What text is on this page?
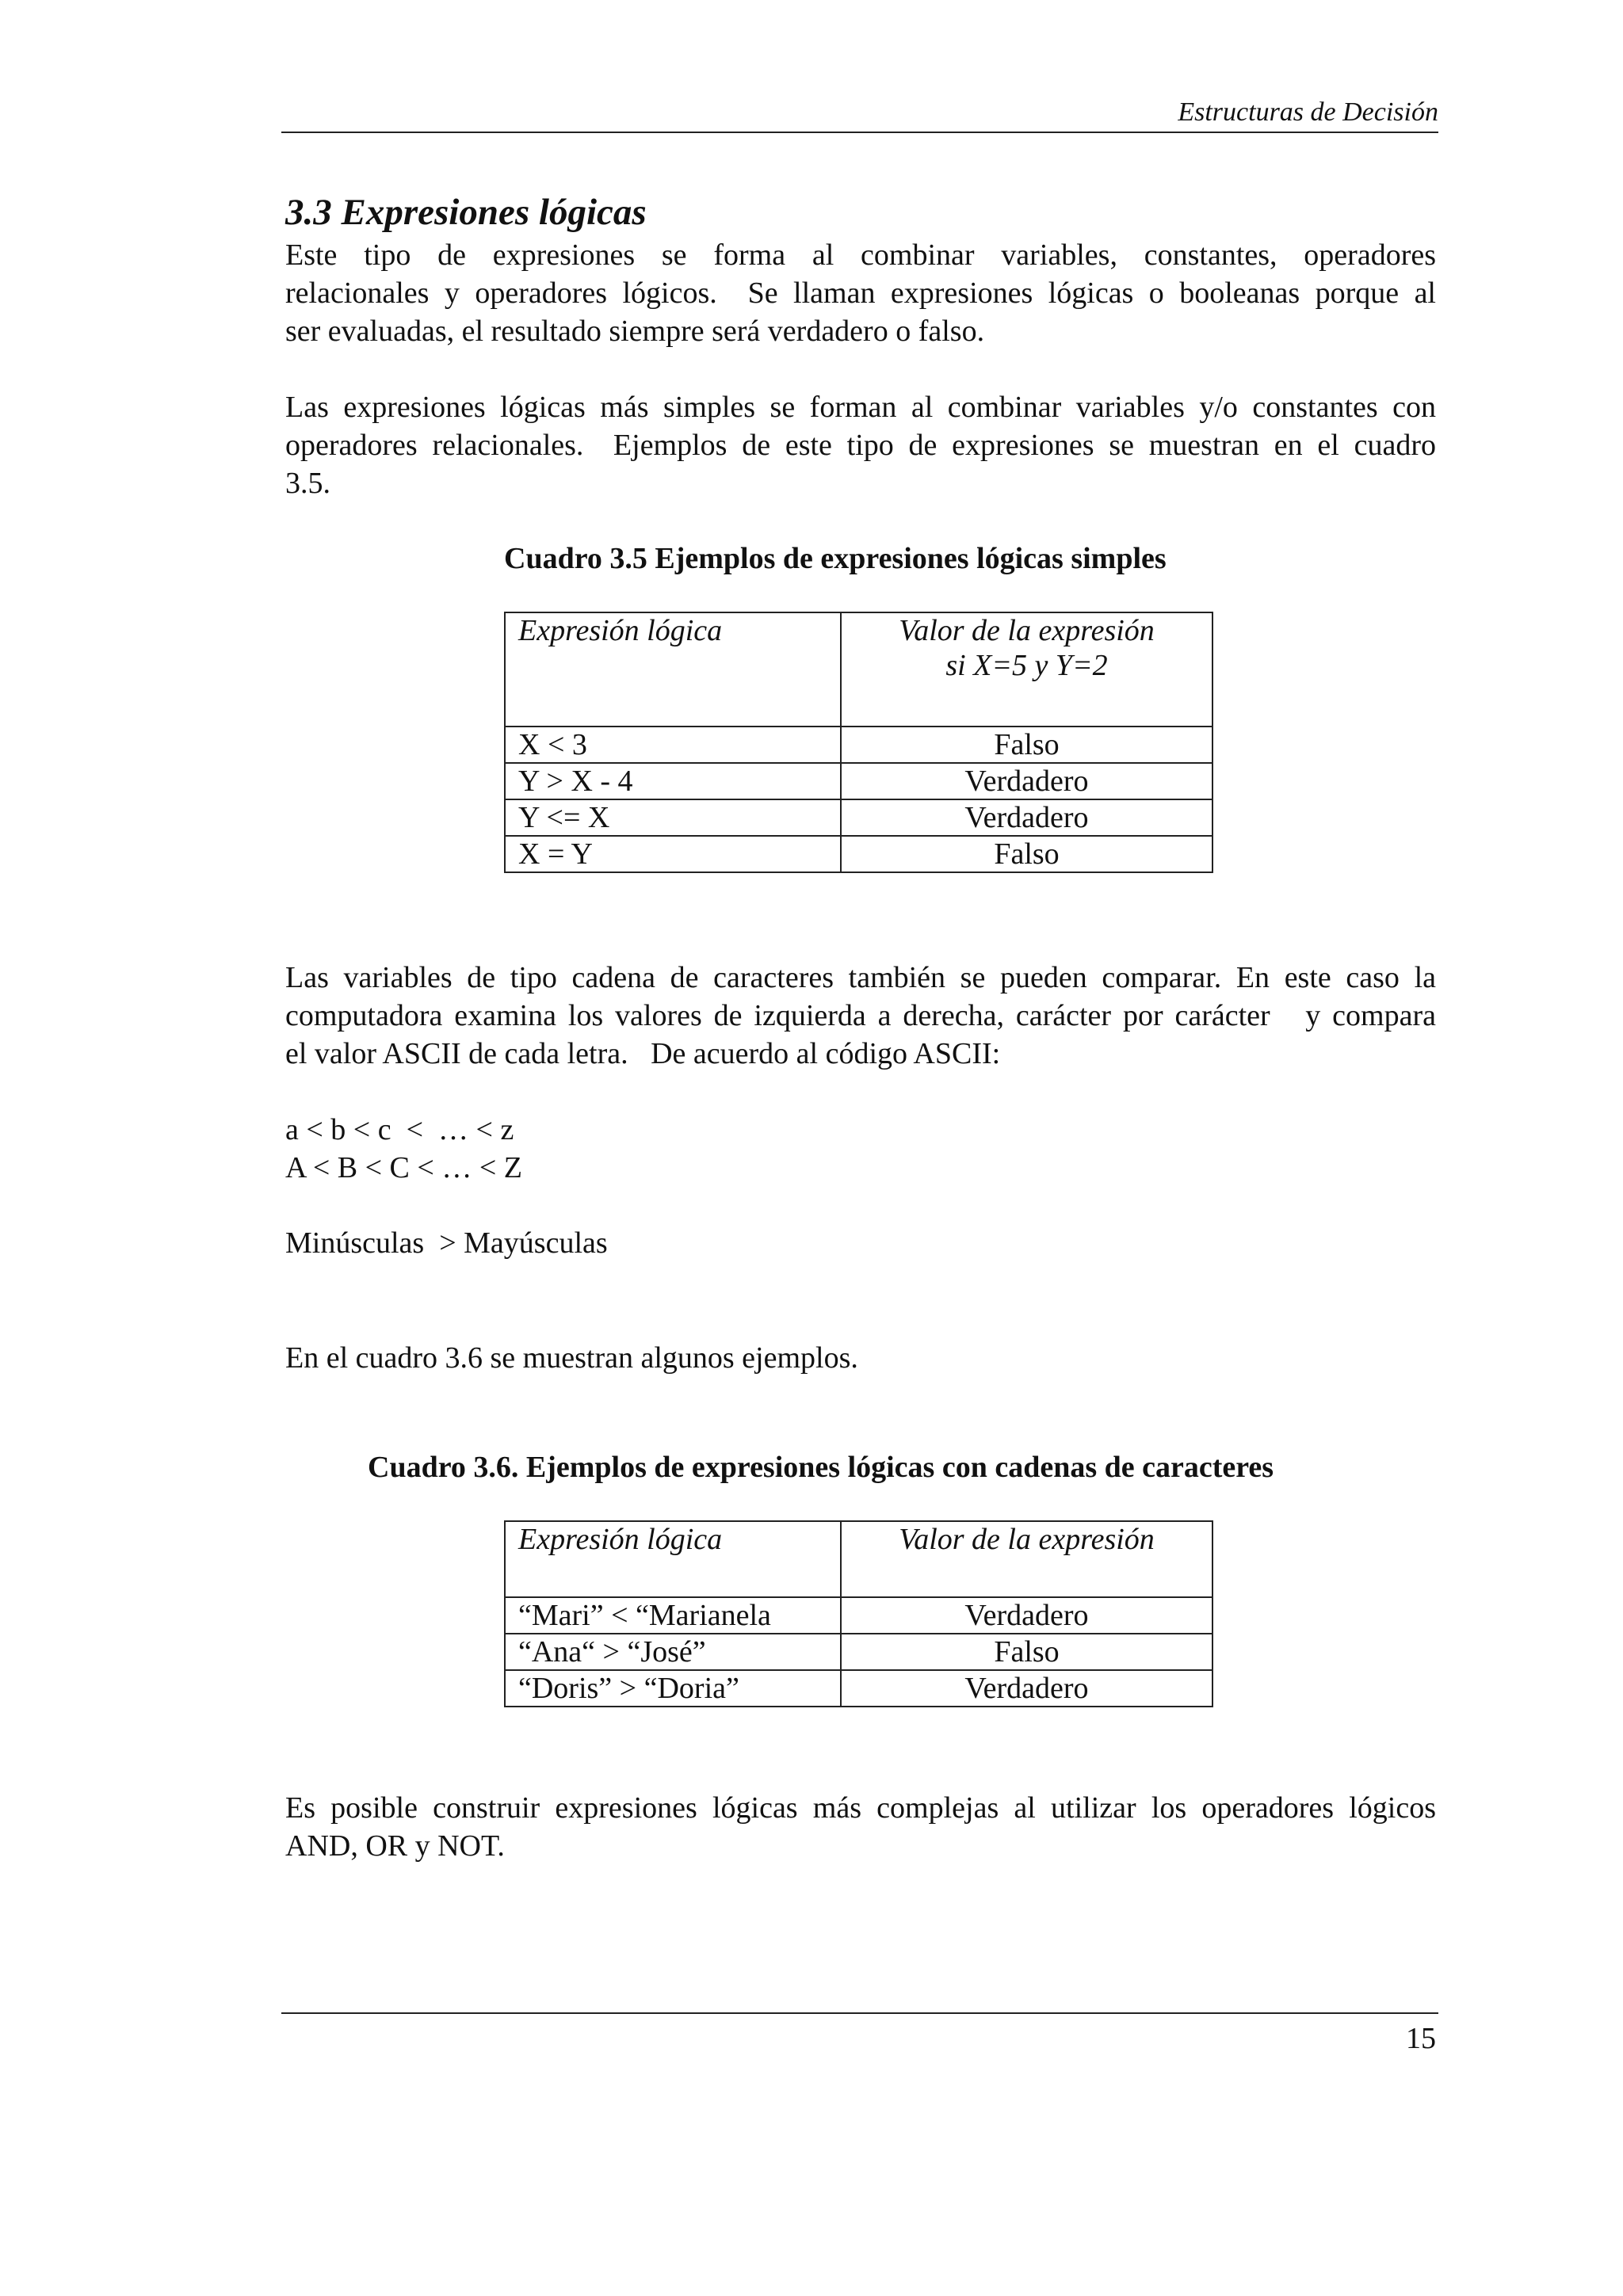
Estructuras de Decisión
3.3 Expresiones lógicas
Este tipo de expresiones se forma al combinar variables, constantes, operadores
relacionales y operadores lógicos.  Se llaman expresiones lógicas o booleanas porque al
ser evaluadas, el resultado siempre será verdadero o falso.
Las expresiones lógicas más simples se forman al combinar variables y/o constantes con
operadores relacionales.  Ejemplos de este tipo de expresiones se muestran en el cuadro
3.5.
Cuadro 3.5 Ejemplos de expresiones lógicas simples
Expresión lógica	Valor de la expresión
si X=5 y Y=2

X < 3	Falso
Y > X - 4	Verdadero
Y <= X	Verdadero
X = Y	Falso
Las variables de tipo cadena de caracteres también se pueden comparar. En este caso la
computadora examina los valores de izquierda a derecha, carácter por carácter   y compara
el valor ASCII de cada letra.   De acuerdo al código ASCII:
a < b < c  <  … < z
A < B < C < … < Z
Minúsculas  > Mayúsculas
En el cuadro 3.6 se muestran algunos ejemplos.
Cuadro 3.6. Ejemplos de expresiones lógicas con cadenas de caracteres
Expresión lógica	Valor de la expresión
“Mari” < “Marianela	Verdadero
“Ana“ > “José”	Falso
“Doris” > “Doria”	Verdadero
Es posible construir expresiones lógicas más complejas al utilizar los operadores lógicos
AND, OR y NOT.
15
